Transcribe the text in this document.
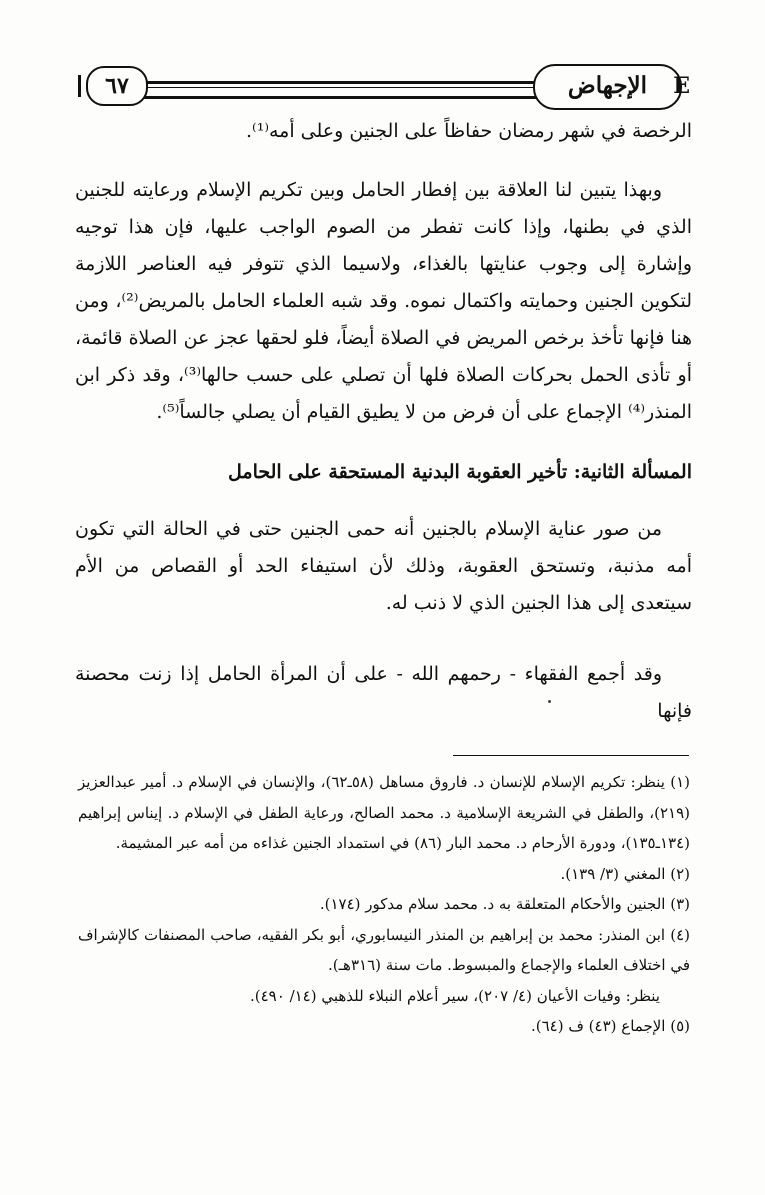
٦٧	الإجهاض	E
الرخصة في شهر رمضان حفاظاً على الجنين وعلى أمه⁽¹⁾.
وبهذا يتبين لنا العلاقة بين إفطار الحامل وبين تكريم الإسلام ورعايته للجنين الذي في بطنها، وإذا كانت تفطر من الصوم الواجب عليها، فإن هذا توجيه وإشارة إلى وجوب عنايتها بالغذاء، ولاسيما الذي تتوفر فيه العناصر اللازمة لتكوين الجنين وحمايته واكتمال نموه. وقد شبه العلماء الحامل بالمريض⁽²⁾، ومن هنا فإنها تأخذ برخص المريض في الصلاة أيضاً، فلو لحقها عجز عن الصلاة قائمة، أو تأذى الحمل بحركات الصلاة فلها أن تصلي على حسب حالها⁽³⁾، وقد ذكر ابن المنذر⁽⁴⁾ الإجماع على أن فرض من لا يطيق القيام أن يصلي جالساً⁽⁵⁾.
المسألة الثانية: تأخير العقوبة البدنية المستحقة على الحامل
من صور عناية الإسلام بالجنين أنه حمى الجنين حتى في الحالة التي تكون أمه مذنبة، وتستحق العقوبة، وذلك لأن استيفاء الحد أو القصاص من الأم سيتعدى إلى هذا الجنين الذي لا ذنب له.
وقد أجمع الفقهاء - رحمهم الله - على أن المرأة الحامل إذا زنت محصنة فإنها
(١) ينظر: تكريم الإسلام للإنسان د. فاروق مساهل (٥٨ـ٦٢)، والإنسان في الإسلام د. أمير عبدالعزيز (٢١٩)، والطفل في الشريعة الإسلامية د. محمد الصالح، ورعاية الطفل في الإسلام د. إيناس إبراهيم (١٣٤ـ١٣٥)، ودورة الأرحام د. محمد البار (٨٦) في استمداد الجنين غذاءه من أمه عبر المشيمة.
(٢) المغني (٣/ ١٣٩).
(٣) الجنين والأحكام المتعلقة به د. محمد سلام مدكور (١٧٤).
(٤) ابن المنذر: محمد بن إبراهيم بن المنذر النيسابوري، أبو بكر الفقيه، صاحب المصنفات كالإشراف في اختلاف العلماء والإجماع والمبسوط. مات سنة (٣١٦هـ).
ينظر: وفيات الأعيان (٤/ ٢٠٧)، سير أعلام النبلاء للذهبي (١٤/ ٤٩٠).
(٥) الإجماع (٤٣) ف (٦٤).
